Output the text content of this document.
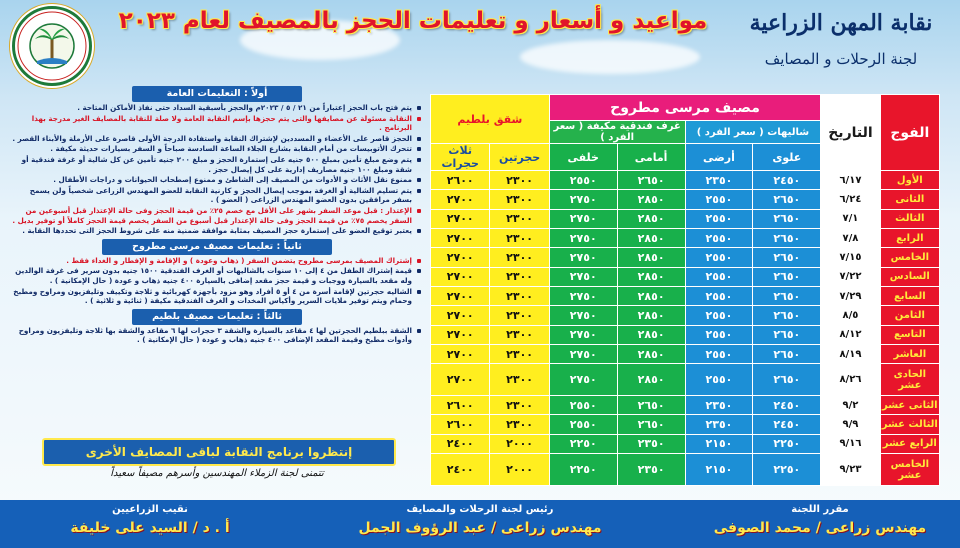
نقابة المهن الزراعية
لجنة الرحلات و المصايف
مواعيد و أسعار و تعليمات الحجز بالمصيف لعام ٢٠٢٣
الفوج	التاريخ	مصيف مرسى مطروح				شقق بلطيم	
		شاليهات ( سعر الفرد )		غرف فندقية مكيفة ( سعر الفرد )			
		علوى	أرضى	أمامى	خلفى	حجرتين	ثلاث حجرات
الأول	٦/١٧	٢٤٥٠	٢٣٥٠	٢٦٥٠	٢٥٥٠	٢٣٠٠	٢٦٠٠
الثانى	٦/٢٤	٢٦٥٠	٢٥٥٠	٢٨٥٠	٢٧٥٠	٢٣٠٠	٢٧٠٠
الثالث	٧/١	٢٦٥٠	٢٥٥٠	٢٨٥٠	٢٧٥٠	٢٣٠٠	٢٧٠٠
الرابع	٧/٨	٢٦٥٠	٢٥٥٠	٢٨٥٠	٢٧٥٠	٢٣٠٠	٢٧٠٠
الخامس	٧/١٥	٢٦٥٠	٢٥٥٠	٢٨٥٠	٢٧٥٠	٢٣٠٠	٢٧٠٠
السادس	٧/٢٢	٢٦٥٠	٢٥٥٠	٢٨٥٠	٢٧٥٠	٢٣٠٠	٢٧٠٠
السابع	٧/٢٩	٢٦٥٠	٢٥٥٠	٢٨٥٠	٢٧٥٠	٢٣٠٠	٢٧٠٠
الثامن	٨/٥	٢٦٥٠	٢٥٥٠	٢٨٥٠	٢٧٥٠	٢٣٠٠	٢٧٠٠
التاسع	٨/١٢	٢٦٥٠	٢٥٥٠	٢٨٥٠	٢٧٥٠	٢٣٠٠	٢٧٠٠
العاشر	٨/١٩	٢٦٥٠	٢٥٥٠	٢٨٥٠	٢٧٥٠	٢٣٠٠	٢٧٠٠
الحادى عشر	٨/٢٦	٢٦٥٠	٢٥٥٠	٢٨٥٠	٢٧٥٠	٢٣٠٠	٢٧٠٠
الثانى عشر	٩/٢	٢٤٥٠	٢٣٥٠	٢٦٥٠	٢٥٥٠	٢٣٠٠	٢٦٠٠
الثالث عشر	٩/٩	٢٤٥٠	٢٣٥٠	٢٦٥٠	٢٥٥٠	٢٣٠٠	٢٦٠٠
الرابع عشر	٩/١٦	٢٢٥٠	٢١٥٠	٢٣٥٠	٢٢٥٠	٢٠٠٠	٢٤٠٠
الخامس عشر	٩/٢٣	٢٢٥٠	٢١٥٠	٢٣٥٠	٢٢٥٠	٢٠٠٠	٢٤٠٠
أولاً : التعليمات العامة
يتم فتح باب الحجز إعتباراً من ٢١ / ٥ / ٢٠٢٣م والحجز بأسبقية السداد حتى نفاذ الأماكن المتاحة .
النقابة مسئولة عن مصايفها والتى يتم حجزها بإسم النقابة العامة ولا صلة للنقابة بالمصايف الغير مدرجة بهذا البرنامج .
الحجز قاصر على الأعضاء و المسددين لإشتراك النقابة واستفادة الدرجة الأولى قاصرة على الأرملة والأبناء القصر .
تتحرك الأتوبيسات من أمام النقابة بشارع الجلاء الساعة السادسة صباحاً و السفر بسيارات حديثة مكيفة .
يتم وضع مبلغ تأمين بمبلغ ٥٠٠ جنيه على إستمارة الحجز و مبلغ ٢٠٠ جنيه تأمين عن كل شالية أو غرفة فندقية أو شقة ومبلغ ١٠٠ جنيه مصاريف إدارية على كل إيصال حجز .
ممنوع نقل الأثاث و الأدوات من المصيف إلى الشاطئ و ممنوع إصطحاب الحيوانات و دراجات الأطفال .
يتم تسليم الشالية أو الغرفة بموجب إيصال الحجز و كارنية النقابة للعضو المهندس الزراعى شخصياً ولن يسمح بسفر مرافقين بدون العضو المهندس الزراعى ( العضو ) .
الإعتذار : قبل موعد السفر بشهر على الأقل مع خصم ٢٥٪ من قيمة الحجز وفى حالة الإعتذار قبل أسبوعين من السفر يخصم ٧٥٪ من قيمة الحجز وفى حالة الإعتذار قبل أسبوع من السفر يخصم قيمة الحجز كاملاً أو توفير بديل .
يعتبر توقيع العضو على إستمارة حجز المصيف بمثابة موافقة ضمنية منه على شروط الحجز التى تحددها النقابة .
ثانياً : تعليمات مصيف مرسى مطروح
إشتراك المصيف بمرسى مطروح يتضمن السفر ( ذهاب وعودة ) و الإقامة و الإفطار و الغداء فقط .
قيمة إشتراك الطفل من ٤ إلى ١٠ سنوات بالشاليهات أو الغرف الفندقية ١٥٠٠ جنيه بدون سرير فى غرفة الوالدين وله مقعد بالسيارة ووجبات و قيمة حجز مقعد إضافى بالسيارة ٤٠٠ جنيه ذهاب و عودة ( حال الإمكانية ) .
الشاليه حجرتين لإقامة أسرة من ٤ أو ٥ أفراد وهو مزود بأجهزة كهربائية و ثلاجة وتكييف وتليفزيون ومراوح ومطبخ وحمام ويتم توفير ملايات السرير وأكياس المخدات و الغرف الفندقية مكيفة ( ثنائية و ثلاثية ) .
ثالثاً : تعليمات مصيف بلطيم
الشقة ببلطيم الحجرتين لها ٤ مقاعد بالسيارة والشقة ٣ حجرات لها ٦ مقاعد والشقة بها ثلاجة وتليفزيون ومراوح وأدوات مطبخ وقيمة المقعد الإضافى ٤٠٠ جنيه ذهاب و عودة ( حال الإمكانية ) .
إنتظروا برنامج النقابة لباقى المصايف الأخرى
تتمنى لجنة الزملاء المهندسين وأسرهم مصيفاً سعيداً
مقرر اللجنة
مهندس زراعى / محمد الصوفى
رئيس لجنة الرحلات والمصايف
مهندس زراعى / عبد الرؤوف الجمل
نقيب الزراعيين
أ . د / السيد على خليفة
